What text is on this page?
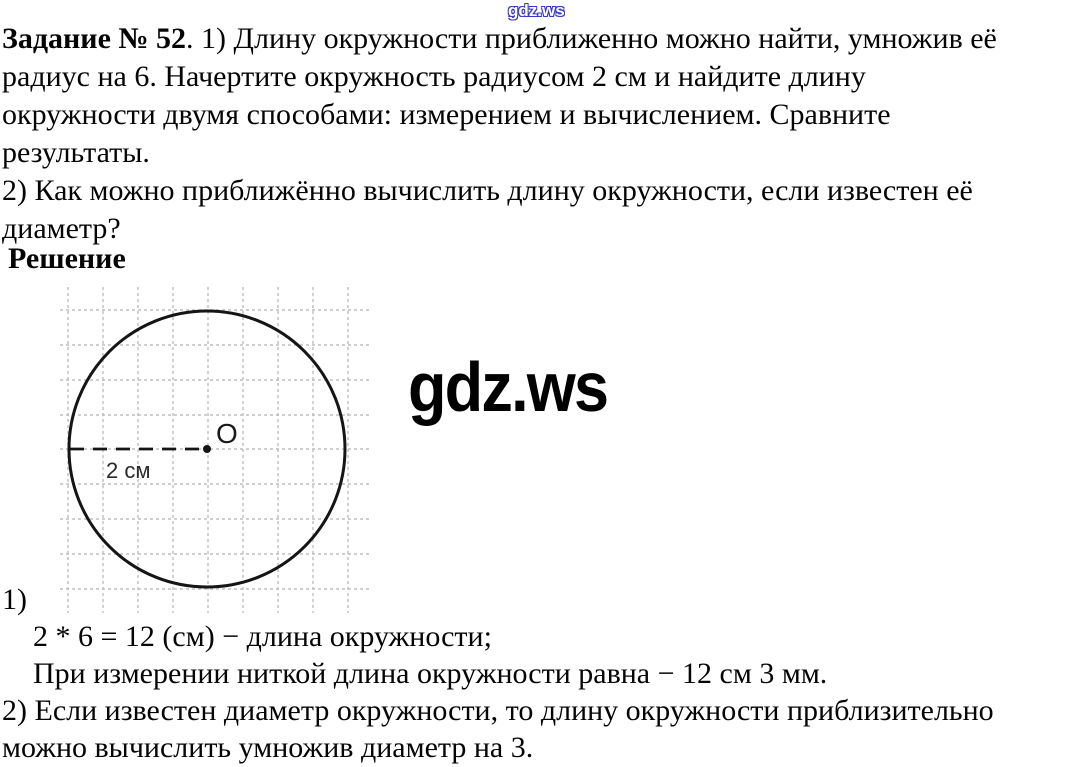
gdz.ws
Задание № 52. 1) Длину окружности приближенно можно найти, умножив её
радиус на 6. Начертите окружность радиусом 2 см и найдите длину
окружности двумя способами: измерением и вычислением. Сравните
результаты.
2) Как можно приближённо вычислить длину окружности, если известен её
диаметр?
Решение
O
2 см
gdz.ws
1)
2 * 6 = 12 (см) − длина окружности;
При измерении ниткой длина окружности равна − 12 см 3 мм.
2) Если известен диаметр окружности, то длину окружности приблизительно
можно вычислить умножив диаметр на 3.
